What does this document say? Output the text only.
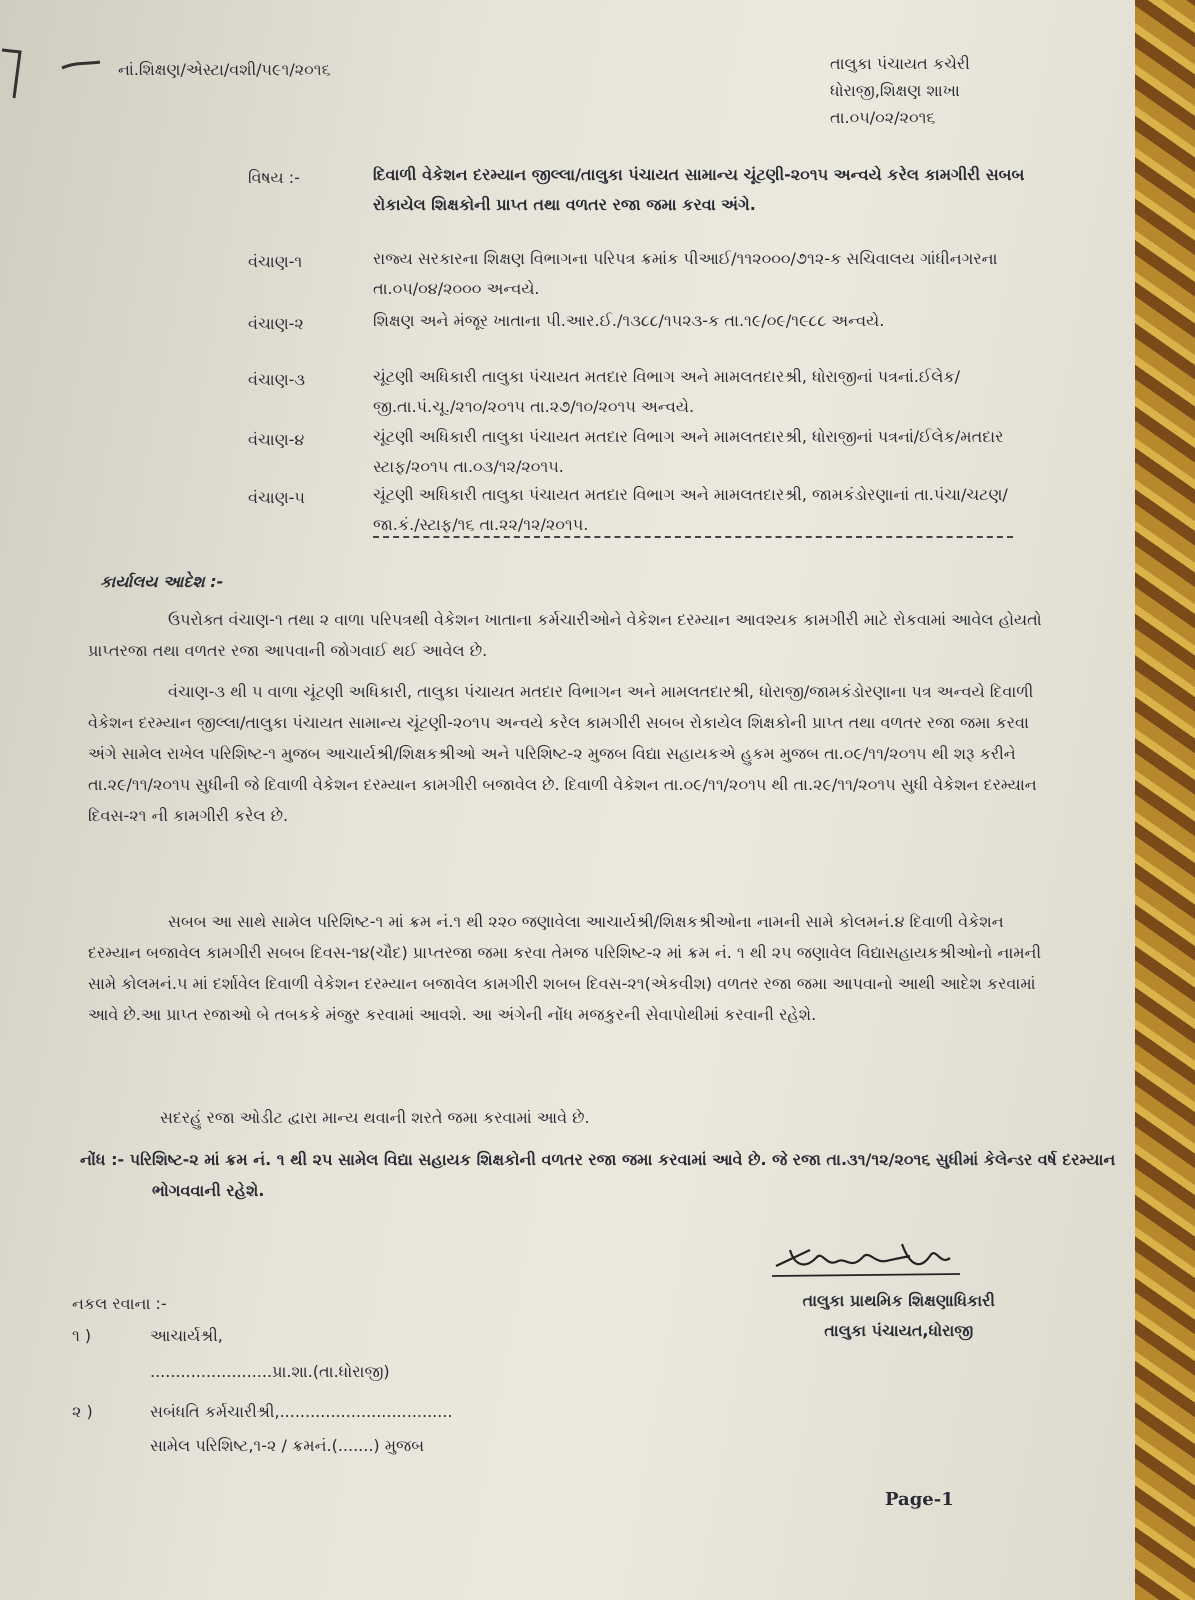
નાં.શિક્ષણ/એસ્ટા/વશી/૫૯૧/૨૦૧૬	તાલુકા પંચાયત કચેરી
ધોરાજી,શિક્ષણ શાખા
તા.૦૫/૦૨/૨૦૧૬
વિષય :-	દિવાળી વેકેશન દરમ્યાન જીલ્લા/તાલુકા પંચાયત સામાન્ય ચૂંટણી-૨૦૧૫ અન્વયે કરેલ કામગીરી સબબ રોકાયેલ શિક્ષકોની પ્રાપ્ત તથા વળતર રજા જમા કરવા અંગે.
વંચાણ-૧	રાજ્ય સરકારના શિક્ષણ વિભાગના પરિપત્ર ક્રમાંક પીઆઈ/૧૧૨૦૦૦/૭૧૨-ક સચિવાલય ગાંધીનગરના તા.૦૫/૦૪/૨૦૦૦ અન્વયે.
વંચાણ-૨	શિક્ષણ અને મંજૂર ખાતાના પી.આર.ઈ./૧૩૮૮/૧૫૨૩-ક તા.૧૯/૦૯/૧૯૮૮ અન્વયે.
વંચાણ-૩	ચૂંટણી અધિકારી તાલુકા પંચાયત મતદાર વિભાગ અને મામલતદારશ્રી, ધોરાજીનાં પત્રનાં.ઈલેક/જી.તા.પં.ચૂ./૨૧૦/૨૦૧૫ તા.૨૭/૧૦/૨૦૧૫ અન્વયે.
વંચાણ-૪	ચૂંટણી અધિકારી તાલુકા પંચાયત મતદાર વિભાગ અને મામલતદારશ્રી, ધોરાજીનાં પત્રનાં/ઈલેક/મતદાર સ્ટાફ/૨૦૧૫ તા.૦૩/૧૨/૨૦૧૫.
વંચાણ-૫	ચૂંટણી અધિકારી તાલુકા પંચાયત મતદાર વિભાગ અને મામલતદારશ્રી, જામકંડોરણાનાં તા.પંચા/ચટણ/જા.કં./સ્ટાફ/૧૬ તા.૨૨/૧૨/૨૦૧૫.
કાર્યાલય આદેશ :-
ઉપરોક્ત વંચાણ-૧ તથા ૨ વાળા પરિપત્રથી વેકેશન ખાતાના કર્મચારીઓને વેકેશન દરમ્યાન આવશ્યક કામગીરી માટે રોકવામાં આવેલ હોયતો પ્રાપ્તરજા તથા વળતર રજા આપવાની જોગવાઈ થઈ આવેલ છે.
વંચાણ-૩ થી ૫ વાળા ચૂંટણી અધિકારી, તાલુકા પંચાયત મતદાર વિભાગન અને મામલતદારશ્રી, ધોરાજી/જામકંડોરણાના પત્ર અન્વયે દિવાળી વેકેશન દરમ્યાન જીલ્લા/તાલુકા પંચાયત સામાન્ય ચૂંટણી-૨૦૧૫ અન્વયે કરેલ કામગીરી સબબ રોકાયેલ શિક્ષકોની પ્રાપ્ત તથા વળતર રજા જમા કરવા અંગે સામેલ રાખેલ પરિશિષ્ટ-૧ મુજબ આચાર્યશ્રી/શિક્ષકશ્રીઓ અને પરિશિષ્ટ-૨ મુજબ વિદ્યા સહાયકએ હુકમ મુજબ તા.૦૯/૧૧/૨૦૧૫ થી શરૂ કરીને તા.૨૯/૧૧/૨૦૧૫ સુધીની જે દિવાળી વેકેશન દરમ્યાન કામગીરી બજાવેલ છે. દિવાળી વેકેશન તા.૦૯/૧૧/૨૦૧૫ થી તા.૨૯/૧૧/૨૦૧૫ સુધી વેકેશન દરમ્યાન દિવસ-૨૧ ની કામગીરી કરેલ છે.
સબબ આ સાથે સામેલ પરિશિષ્ટ-૧ માં ક્રમ નં.૧ થી ૨૨૦ જણાવેલા આચાર્યશ્રી/શિક્ષકશ્રીઓના નામની સામે કોલમનં.૪ દિવાળી વેકેશન દરમ્યાન બજાવેલ કામગીરી સબબ દિવસ-૧૪(ચૌદ) પ્રાપ્તરજા જમા કરવા તેમજ પરિશિષ્ટ-૨ માં ક્રમ નં. ૧ થી ૨૫ જણાવેલ વિદ્યાસહાયકશ્રીઓનો નામની સામે કોલમનં.૫ માં દર્શાવેલ દિવાળી વેકેશન દરમ્યાન બજાવેલ કામગીરી શબબ દિવસ-૨૧(એકવીશ) વળતર રજા જમા આપવાનો આથી આદેશ કરવામાં આવે છે.આ પ્રાપ્ત રજાઓ બે તબકકે મંજુર કરવામાં આવશે. આ અંગેની નોંધ મજકુરની સેવાપોથીમાં કરવાની રહેશે.
સદરહું રજા ઓડીટ દ્વારા માન્ય થવાની શરતે જમા કરવામાં આવે છે.
નોંધ :- પરિશિષ્ટ-૨ માં ક્રમ નં. ૧ થી ૨૫ સામેલ વિદ્યા સહાયક શિક્ષકોની વળતર રજા જમા કરવામાં આવે છે. જે રજા તા.૩૧/૧૨/૨૦૧૬ સુધીમાં કેલેન્ડર વર્ષ દરમ્યાન ભોગવવાની રહેશે.
તાલુકા પ્રાથમિક શિક્ષણાધિકારી
તાલુકા પંચાયત,ધોરાજી
નકલ રવાના :-
૧ )	આચાર્યશ્રી,
........................પ્રા.શા.(તા.ધોરાજી)
૨ )	સબંધતિ કર્મચારીશ્રી,..................................
સામેલ પરિશિષ્ટ,૧-૨ / ક્રમનં.(.......) મુજબ
Page-1
